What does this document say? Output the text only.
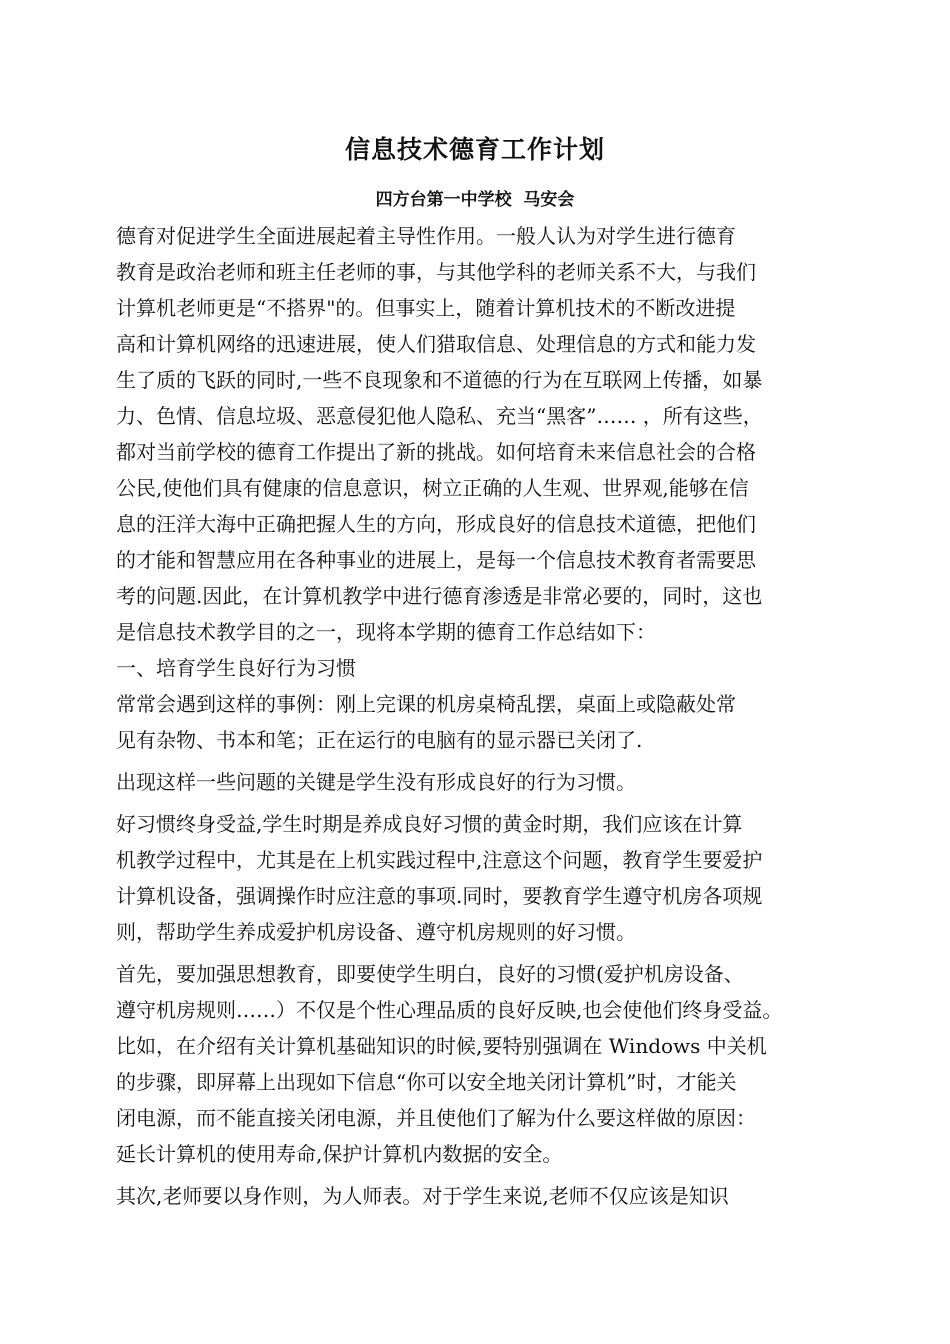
信息技术德育工作计划
四方台第一中学校  马安会
德育对促进学生全面进展起着主导性作用。一般人认为对学生进行德育
教育是政治老师和班主任老师的事，与其他学科的老师关系不大，与我们
计算机老师更是“不搭界"的。但事实上，随着计算机技术的不断改进提
高和计算机网络的迅速进展，使人们猎取信息、处理信息的方式和能力发
生了质的飞跃的同时,一些不良现象和不道德的行为在互联网上传播，如暴
力、色情、信息垃圾、恶意侵犯他人隐私、充当“黑客”…… ，所有这些，
都对当前学校的德育工作提出了新的挑战。如何培育未来信息社会的合格
公民,使他们具有健康的信息意识，树立正确的人生观、世界观,能够在信
息的汪洋大海中正确把握人生的方向，形成良好的信息技术道德，把他们
的才能和智慧应用在各种事业的进展上，是每一个信息技术教育者需要思
考的问题.因此，在计算机教学中进行德育渗透是非常必要的，同时，这也
是信息技术教学目的之一，现将本学期的德育工作总结如下：
一、培育学生良好行为习惯
常常会遇到这样的事例：刚上完课的机房桌椅乱摆，桌面上或隐蔽处常
见有杂物、书本和笔；正在运行的电脑有的显示器已关闭了.
出现这样一些问题的关键是学生没有形成良好的行为习惯。
好习惯终身受益,学生时期是养成良好习惯的黄金时期，我们应该在计算
机教学过程中，尤其是在上机实践过程中,注意这个问题，教育学生要爱护
计算机设备，强调操作时应注意的事项.同时，要教育学生遵守机房各项规
则，帮助学生养成爱护机房设备、遵守机房规则的好习惯。
首先，要加强思想教育，即要使学生明白，良好的习惯(爱护机房设备、
遵守机房规则……）不仅是个性心理品质的良好反映,也会使他们终身受益。
比如，在介绍有关计算机基础知识的时候,要特别强调在 Windows 中关机
的步骤，即屏幕上出现如下信息“你可以安全地关闭计算机”时，才能关
闭电源，而不能直接关闭电源，并且使他们了解为什么要这样做的原因：
延长计算机的使用寿命,保护计算机内数据的安全。
其次,老师要以身作则，为人师表。对于学生来说,老师不仅应该是知识
